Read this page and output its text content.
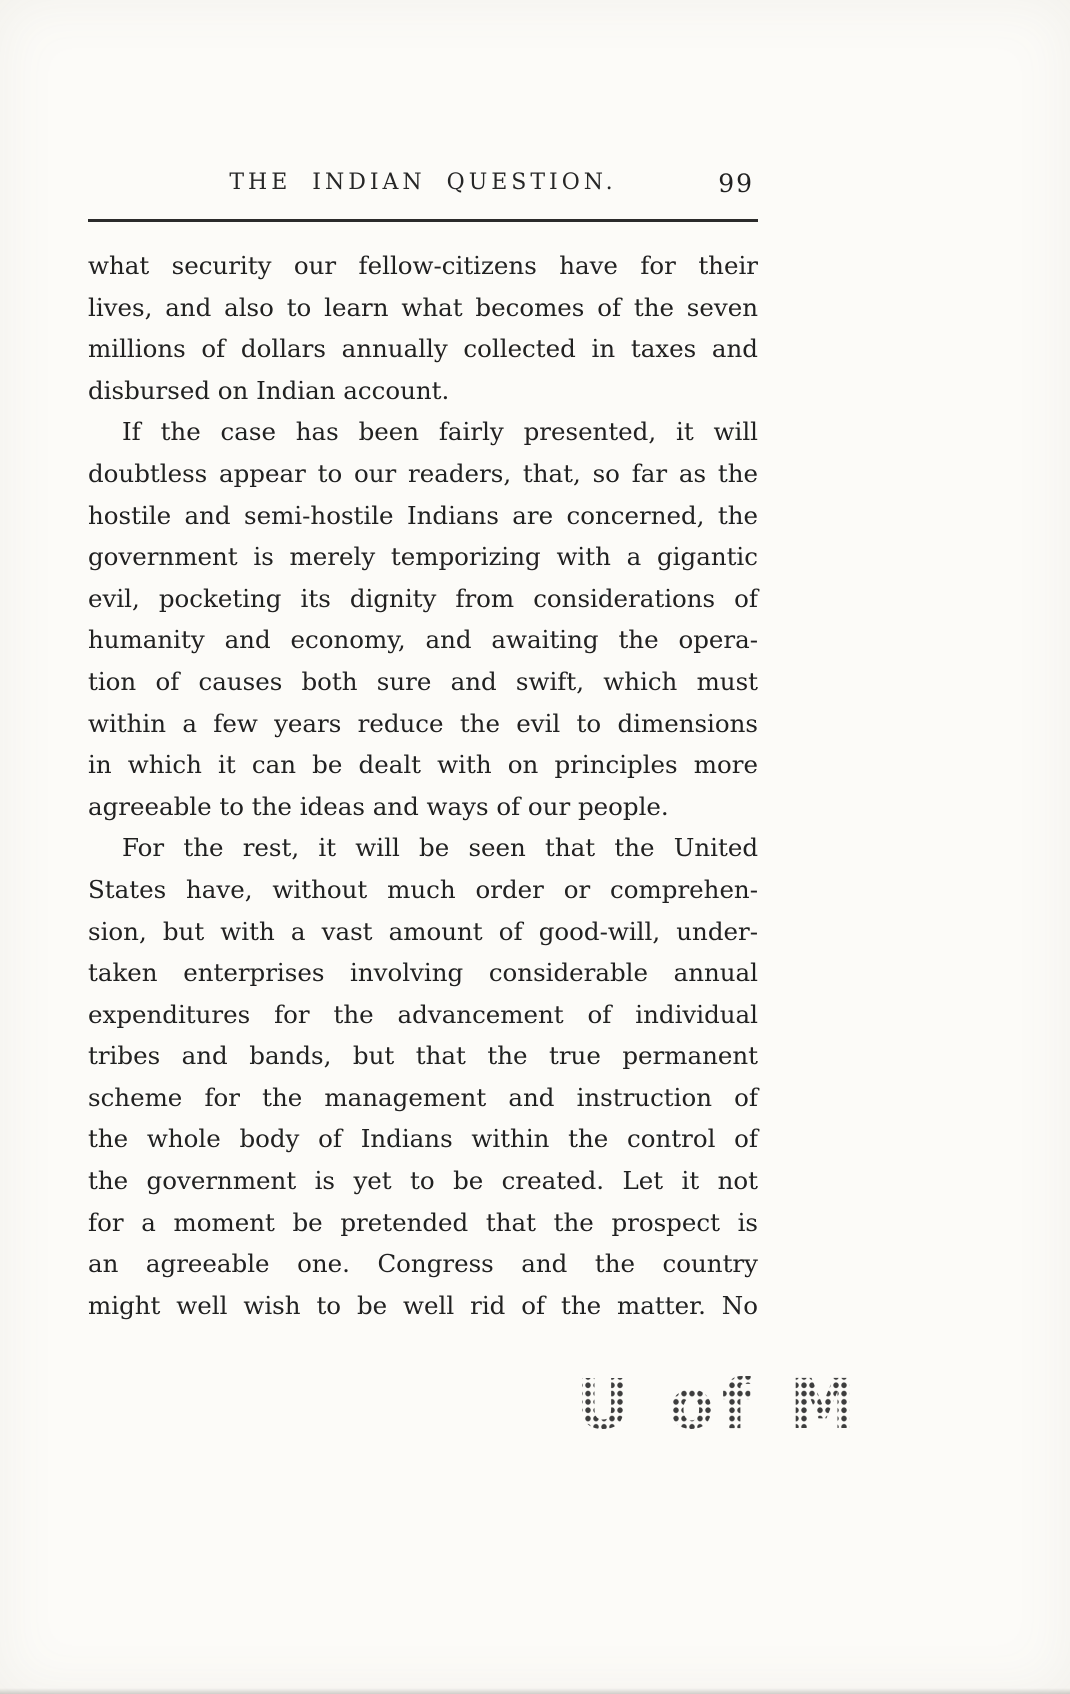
THE INDIAN QUESTION.	99

what security our fellow-citizens have for their
lives, and also to learn what becomes of the seven
millions of dollars annually collected in taxes and
disbursed on Indian account.

If the case has been fairly presented, it will
doubtless appear to our readers, that, so far as the
hostile and semi-hostile Indians are concerned, the
government is merely temporizing with a gigantic
evil, pocketing its dignity from considerations of
humanity and economy, and awaiting the opera-
tion of causes both sure and swift, which must
within a few years reduce the evil to dimensions
in which it can be dealt with on principles more
agreeable to the ideas and ways of our people.

For the rest, it will be seen that the United
States have, without much order or comprehen-
sion, but with a vast amount of good-will, under-
taken enterprises involving considerable annual
expenditures for the advancement of individual
tribes and bands, but that the true permanent
scheme for the management and instruction of
the whole body of Indians within the control of
the government is yet to be created. Let it not
for a moment be pretended that the prospect is
an agreeable one. Congress and the country
might well wish to be well rid of the matter. No

U of M
